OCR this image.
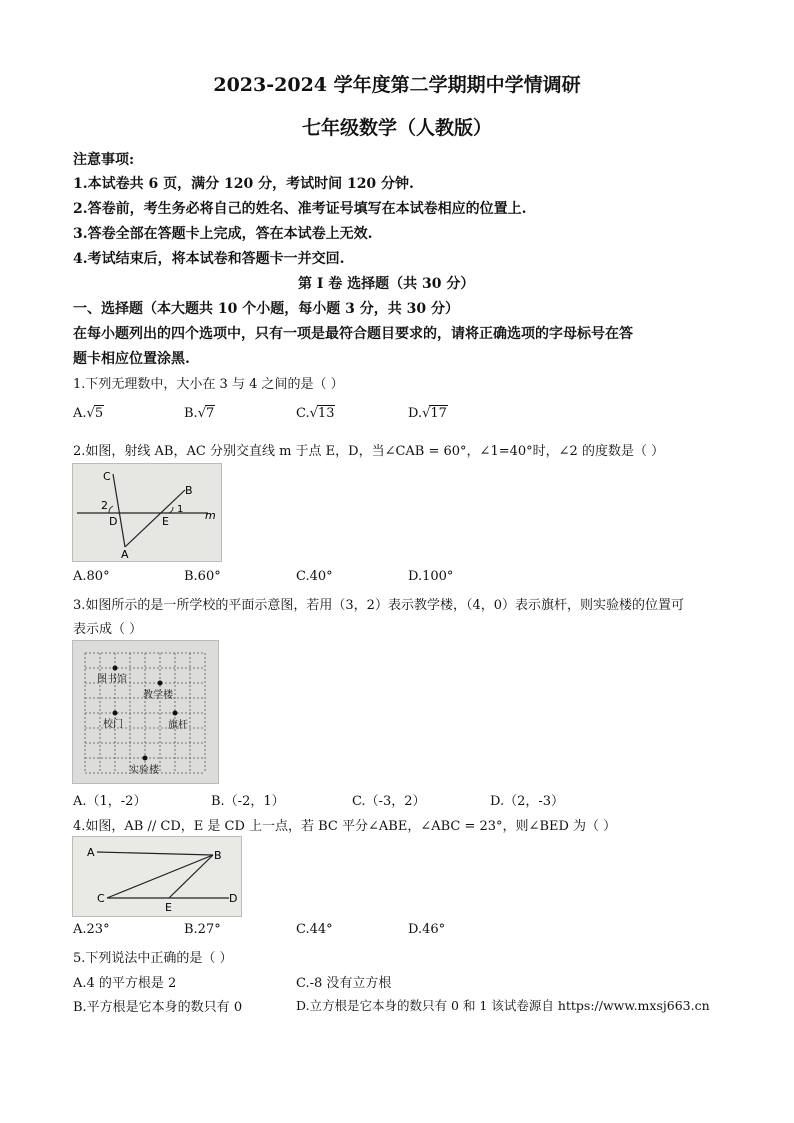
2023-2024 学年度第二学期期中学情调研
七年级数学（人教版）
注意事项:
1.本试卷共 6 页，满分 120 分，考试时间 120 分钟.
2.答卷前，考生务必将自己的姓名、准考证号填写在本试卷相应的位置上.
3.答卷全部在答题卡上完成，答在本试卷上无效.
4.考试结束后，将本试卷和答题卡一并交回.
第 I 卷 选择题（共 30 分）
一、选择题（本大题共 10 个小题，每小题 3 分，共 30 分）
在每小题列出的四个选项中，只有一项是最符合题目要求的，请将正确选项的字母标号在答
题卡相应位置涂黑.
1.下列无理数中，大小在 3 与 4 之间的是（ ）
A.√5	B.√7	C.√13	D.√17
2.如图，射线 AB，AC 分别交直线 m 于点 E，D，当∠CAB = 60°，∠1=40°时，∠2 的度数是（ ）
C
B
D	E
A
m
1
2
A.80°	B.60°	C.40°	D.100°
3.如图所示的是一所学校的平面示意图，若用（3，2）表示教学楼，（4，0）表示旗杆，则实验楼的位置可
表示成（ ）
图书馆
教学楼
校门	旗杆
实验楼
A.（1，-2）	B.（-2，1）	C.（-3，2）	D.（2，-3）
4.如图，AB // CD，E 是 CD 上一点，若 BC 平分∠ABE，∠ABC = 23°，则∠BED 为（ ）
A	B
C
E
D
A.23°	B.27°	C.44°	D.46°
5.下列说法中正确的是（ ）
A.4 的平方根是 2	C.-8 没有立方根
B.平方根是它本身的数只有 0	D.立方根是它本身的数只有 0 和 1 该试卷源自 https://www.mxsj663.cn
